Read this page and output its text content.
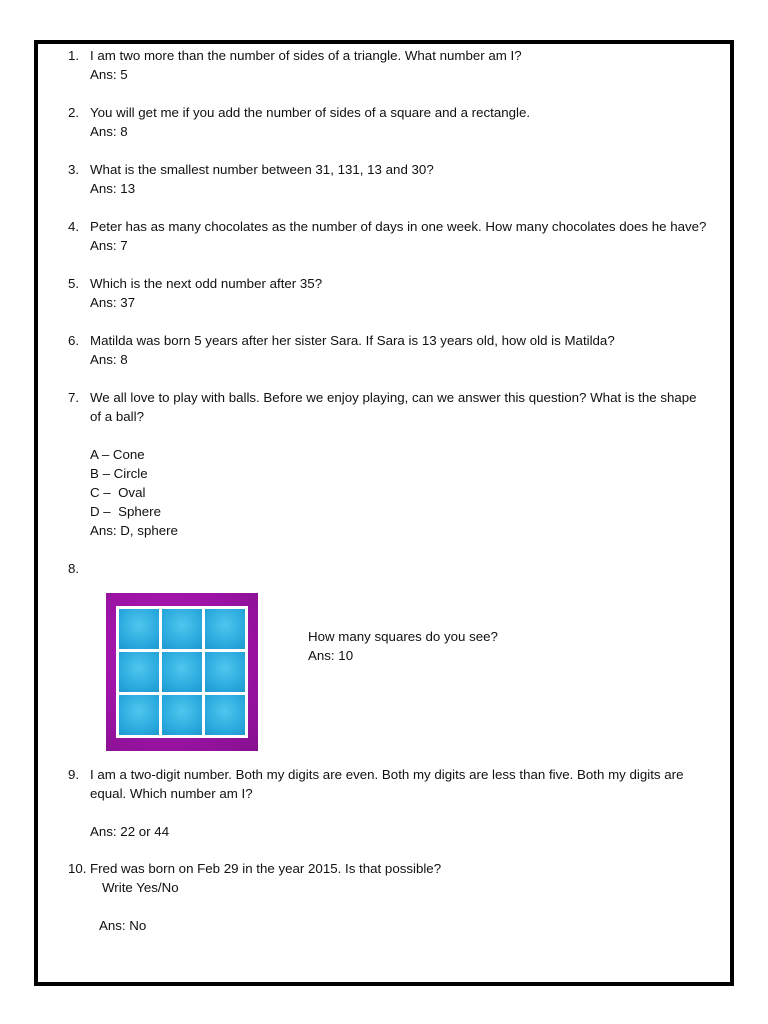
1. I am two more than the number of sides of a triangle. What number am I?
Ans: 5
2. You will get me if you add the number of sides of a square and a rectangle.
Ans: 8
3. What is the smallest number between 31, 131, 13 and 30?
Ans: 13
4. Peter has as many chocolates as the number of days in one week. How many chocolates does he have?
Ans: 7
5. Which is the next odd number after 35?
Ans: 37
6. Matilda was born 5 years after her sister Sara. If Sara is 13 years old, how old is Matilda?
Ans: 8
7. We all love to play with balls. Before we enjoy playing, can we answer this question? What is the shape
of a ball?
A – Cone
B – Circle
C –  Oval
D –  Sphere
Ans: D, sphere
8.
How many squares do you see?
Ans: 10
9. I am a two-digit number. Both my digits are even. Both my digits are less than five. Both my digits are
equal. Which number am I?
Ans: 22 or 44
10. Fred was born on Feb 29 in the year 2015. Is that possible?
Write Yes/No
Ans: No
